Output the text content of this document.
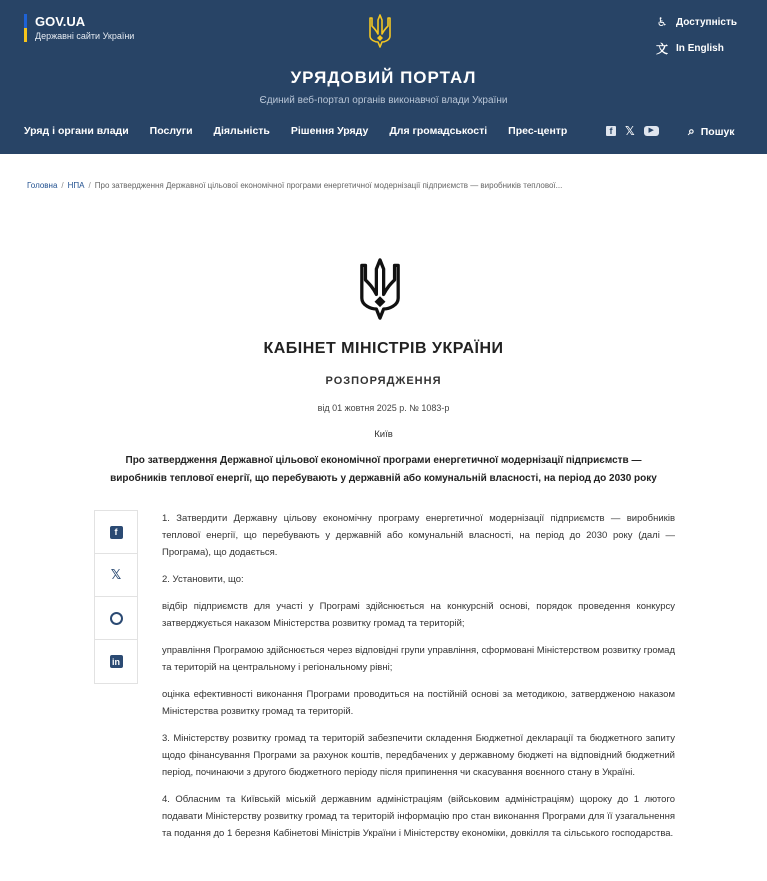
GOV.UA
Державні сайти України
♿ Доступність
文 In English
УРЯДОВИЙ ПОРТАЛ
Єдиний веб-портал органів виконавчої влади України
Уряд і органи влади Послуги Діяльність Рішення Уряду Для громадськості Прес-центр	f 𝕏	▶	⌕ Пошук
Головна / НПА / Про затвердження Державної цільової економічної програми енергетичної модернізації підприємств — виробників теплової...
КАБІНЕТ МІНІСТРІВ УКРАЇНИ
РОЗПОРЯДЖЕННЯ
від 01 жовтня 2025 р. № 1083-р
Київ
Про затвердження Державної цільової економічної програми енергетичної модернізації підприємств — виробників теплової енергії, що перебувають у державній або комунальній власності, на період до 2030 року
f
𝕏
in

1. Затвердити Державну цільову економічну програму енергетичної модернізації підприємств — виробників теплової енергії, що перебувають у державній або комунальній власності, на період до 2030 року (далі — Програма), що додається.

2. Установити, що:

відбір підприємств для участі у Програмі здійснюється на конкурсній основі, порядок проведення конкурсу затверджується наказом Міністерства розвитку громад та територій;

управління Програмою здійснюється через відповідні групи управління, сформовані Міністерством розвитку громад та територій на центральному і регіональному рівні;

оцінка ефективності виконання Програми проводиться на постійній основі за методикою, затвердженою наказом Міністерства розвитку громад та територій.

3. Міністерству розвитку громад та територій забезпечити складення Бюджетної декларації та бюджетного запиту щодо фінансування Програми за рахунок коштів, передбачених у державному бюджеті на відповідний бюджетний період, починаючи з другого бюджетного періоду після припинення чи скасування воєнного стану в Україні.

4. Обласним та Київській міській державним адміністраціям (військовим адміністраціям) щороку до 1 лютого подавати Міністерству розвитку громад та територій інформацію про стан виконання Програми для її узагальнення та подання до 1 березня Кабінетові Міністрів України і Міністерству економіки, довкілля та сільського господарства.
